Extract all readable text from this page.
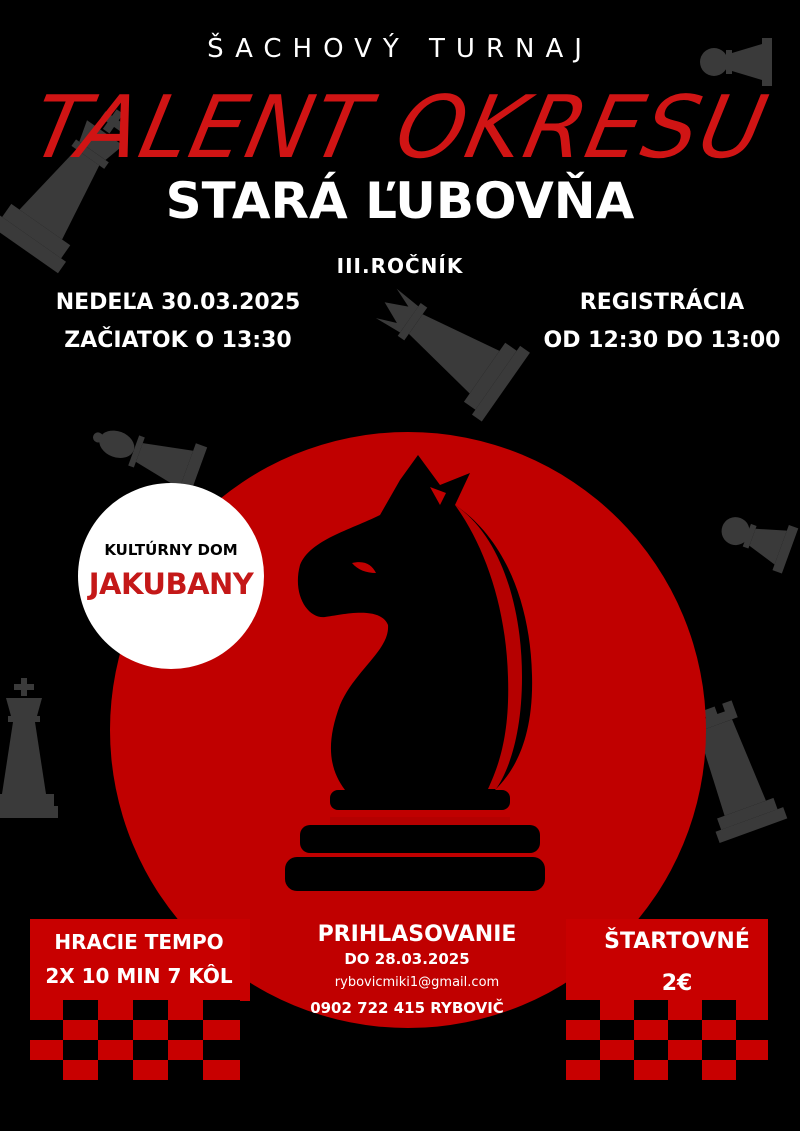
ŠACHOVÝ TURNAJ
TALENT OKRESU
STARÁ ĽUBOVŇA
III.ROČNÍK
NEDEĽA 30.03.2025
ZAČIATOK O 13:30
REGISTRÁCIA
OD 12:30 DO 13:00
KULTÚRNY DOM
JAKUBANY
HRACIE TEMPO
2X 10 MIN 7 KÔL
PRIHLASOVANIE
DO 28.03.2025
rybovicmiki1@gmail.com
0902 722 415 RYBOVIČ
ŠTARTOVNÉ
2€
